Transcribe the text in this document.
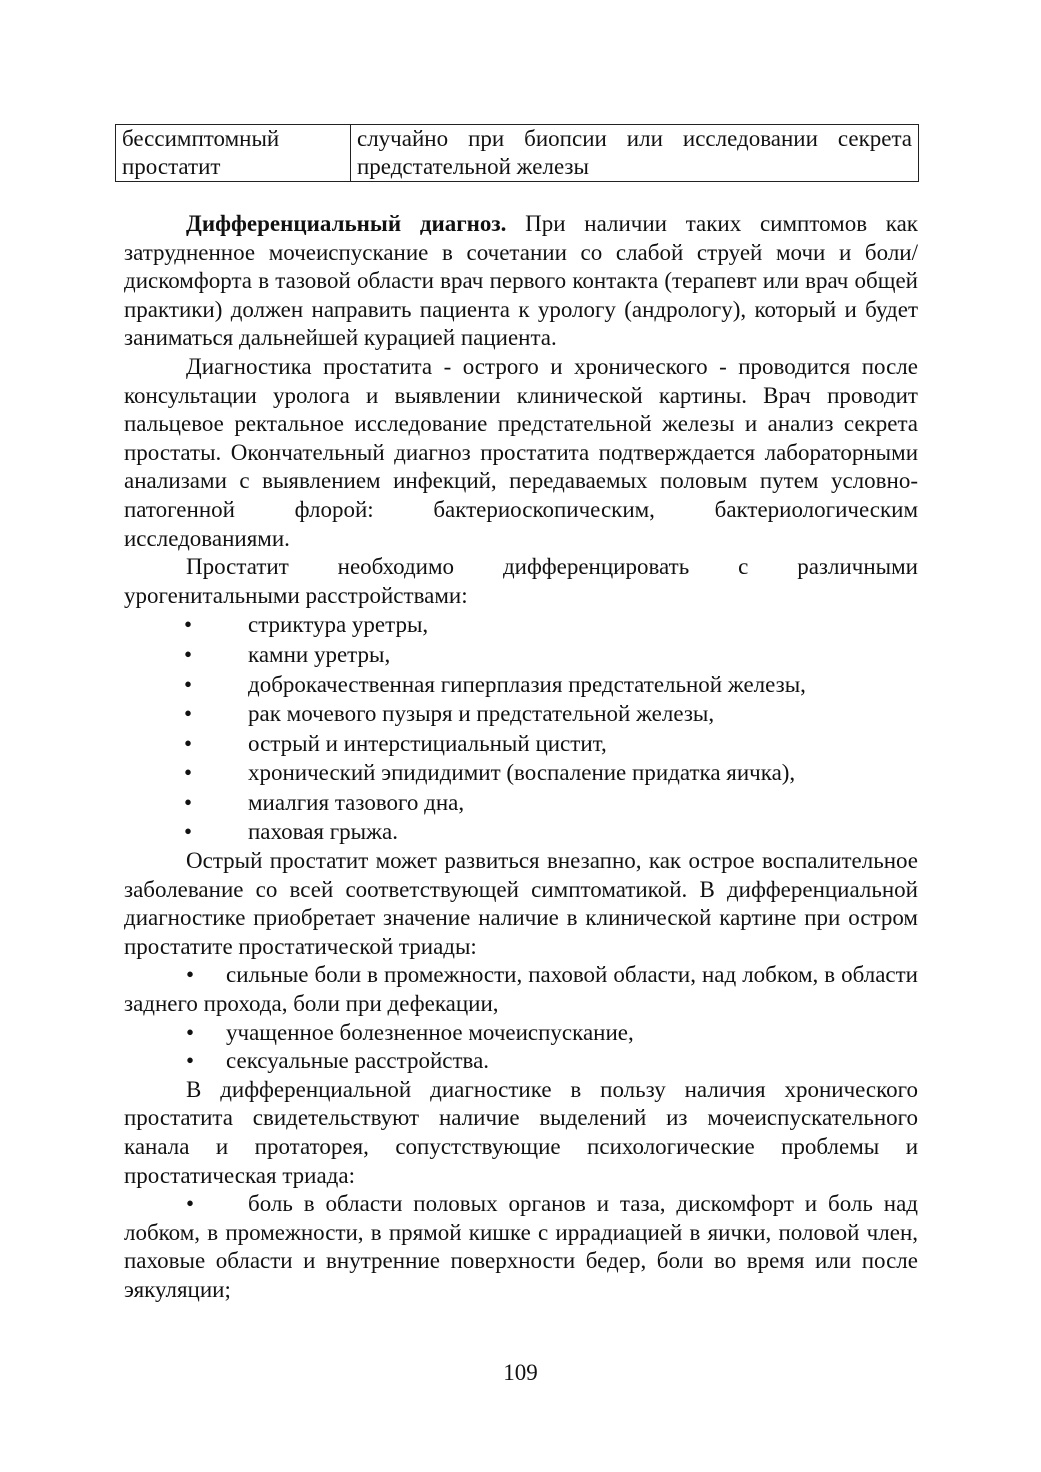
бессимптомный простатит	случайно при биопсии или исследовании секрета предстательной железы

Дифференциальный диагноз. При наличии таких симптомов как затрудненное мочеиспускание в сочетании со слабой струей мочи и боли/дискомфорта в тазовой области врач первого контакта (терапевт или врач общей практики) должен направить пациента к урологу (андрологу), который и будет заниматься дальнейшей курацией пациента.

Диагностика простатита - острого и хронического - проводится после консультации уролога и выявлении клинической картины. Врач проводит пальцевое ректальное исследование предстательной железы и анализ секрета простаты. Окончательный диагноз простатита подтверждается лабораторными анализами с выявлением инфекций, передаваемых половым путем условно-патогенной флорой: бактериоскопическим, бактериологическим исследованиями.

Простатит необходимо дифференцировать с различными урогенитальными расстройствами:

• стриктура уретры,
• камни уретры,
• доброкачественная гиперплазия предстательной железы,
• рак мочевого пузыря и предстательной железы,
• острый и интерстициальный цистит,
• хронический эпидидимит (воспаление придатка яичка),
• миалгия тазового дна,
• паховая грыжа.

Острый простатит может развиться внезапно, как острое воспалительное заболевание со всей соответствующей симптоматикой. В дифференциальной диагностике приобретает значение наличие в клинической картине при остром простатите простатической триады:

• сильные боли в промежности, паховой области, над лобком, в области заднего прохода, боли при дефекации,

• учащенное болезненное мочеиспускание,

• сексуальные расстройства.

В дифференциальной диагностике в пользу наличия хронического простатита свидетельствуют наличие выделений из мочеиспускательного канала и протаторея, сопустствующие психологические проблемы и простатическая триада:

• боль в области половых органов и таза, дискомфорт и боль над лобком, в промежности, в прямой кишке с иррадиацией в яички, половой член, паховые области и внутренние поверхности бедер, боли во время или после эякуляции;

109
